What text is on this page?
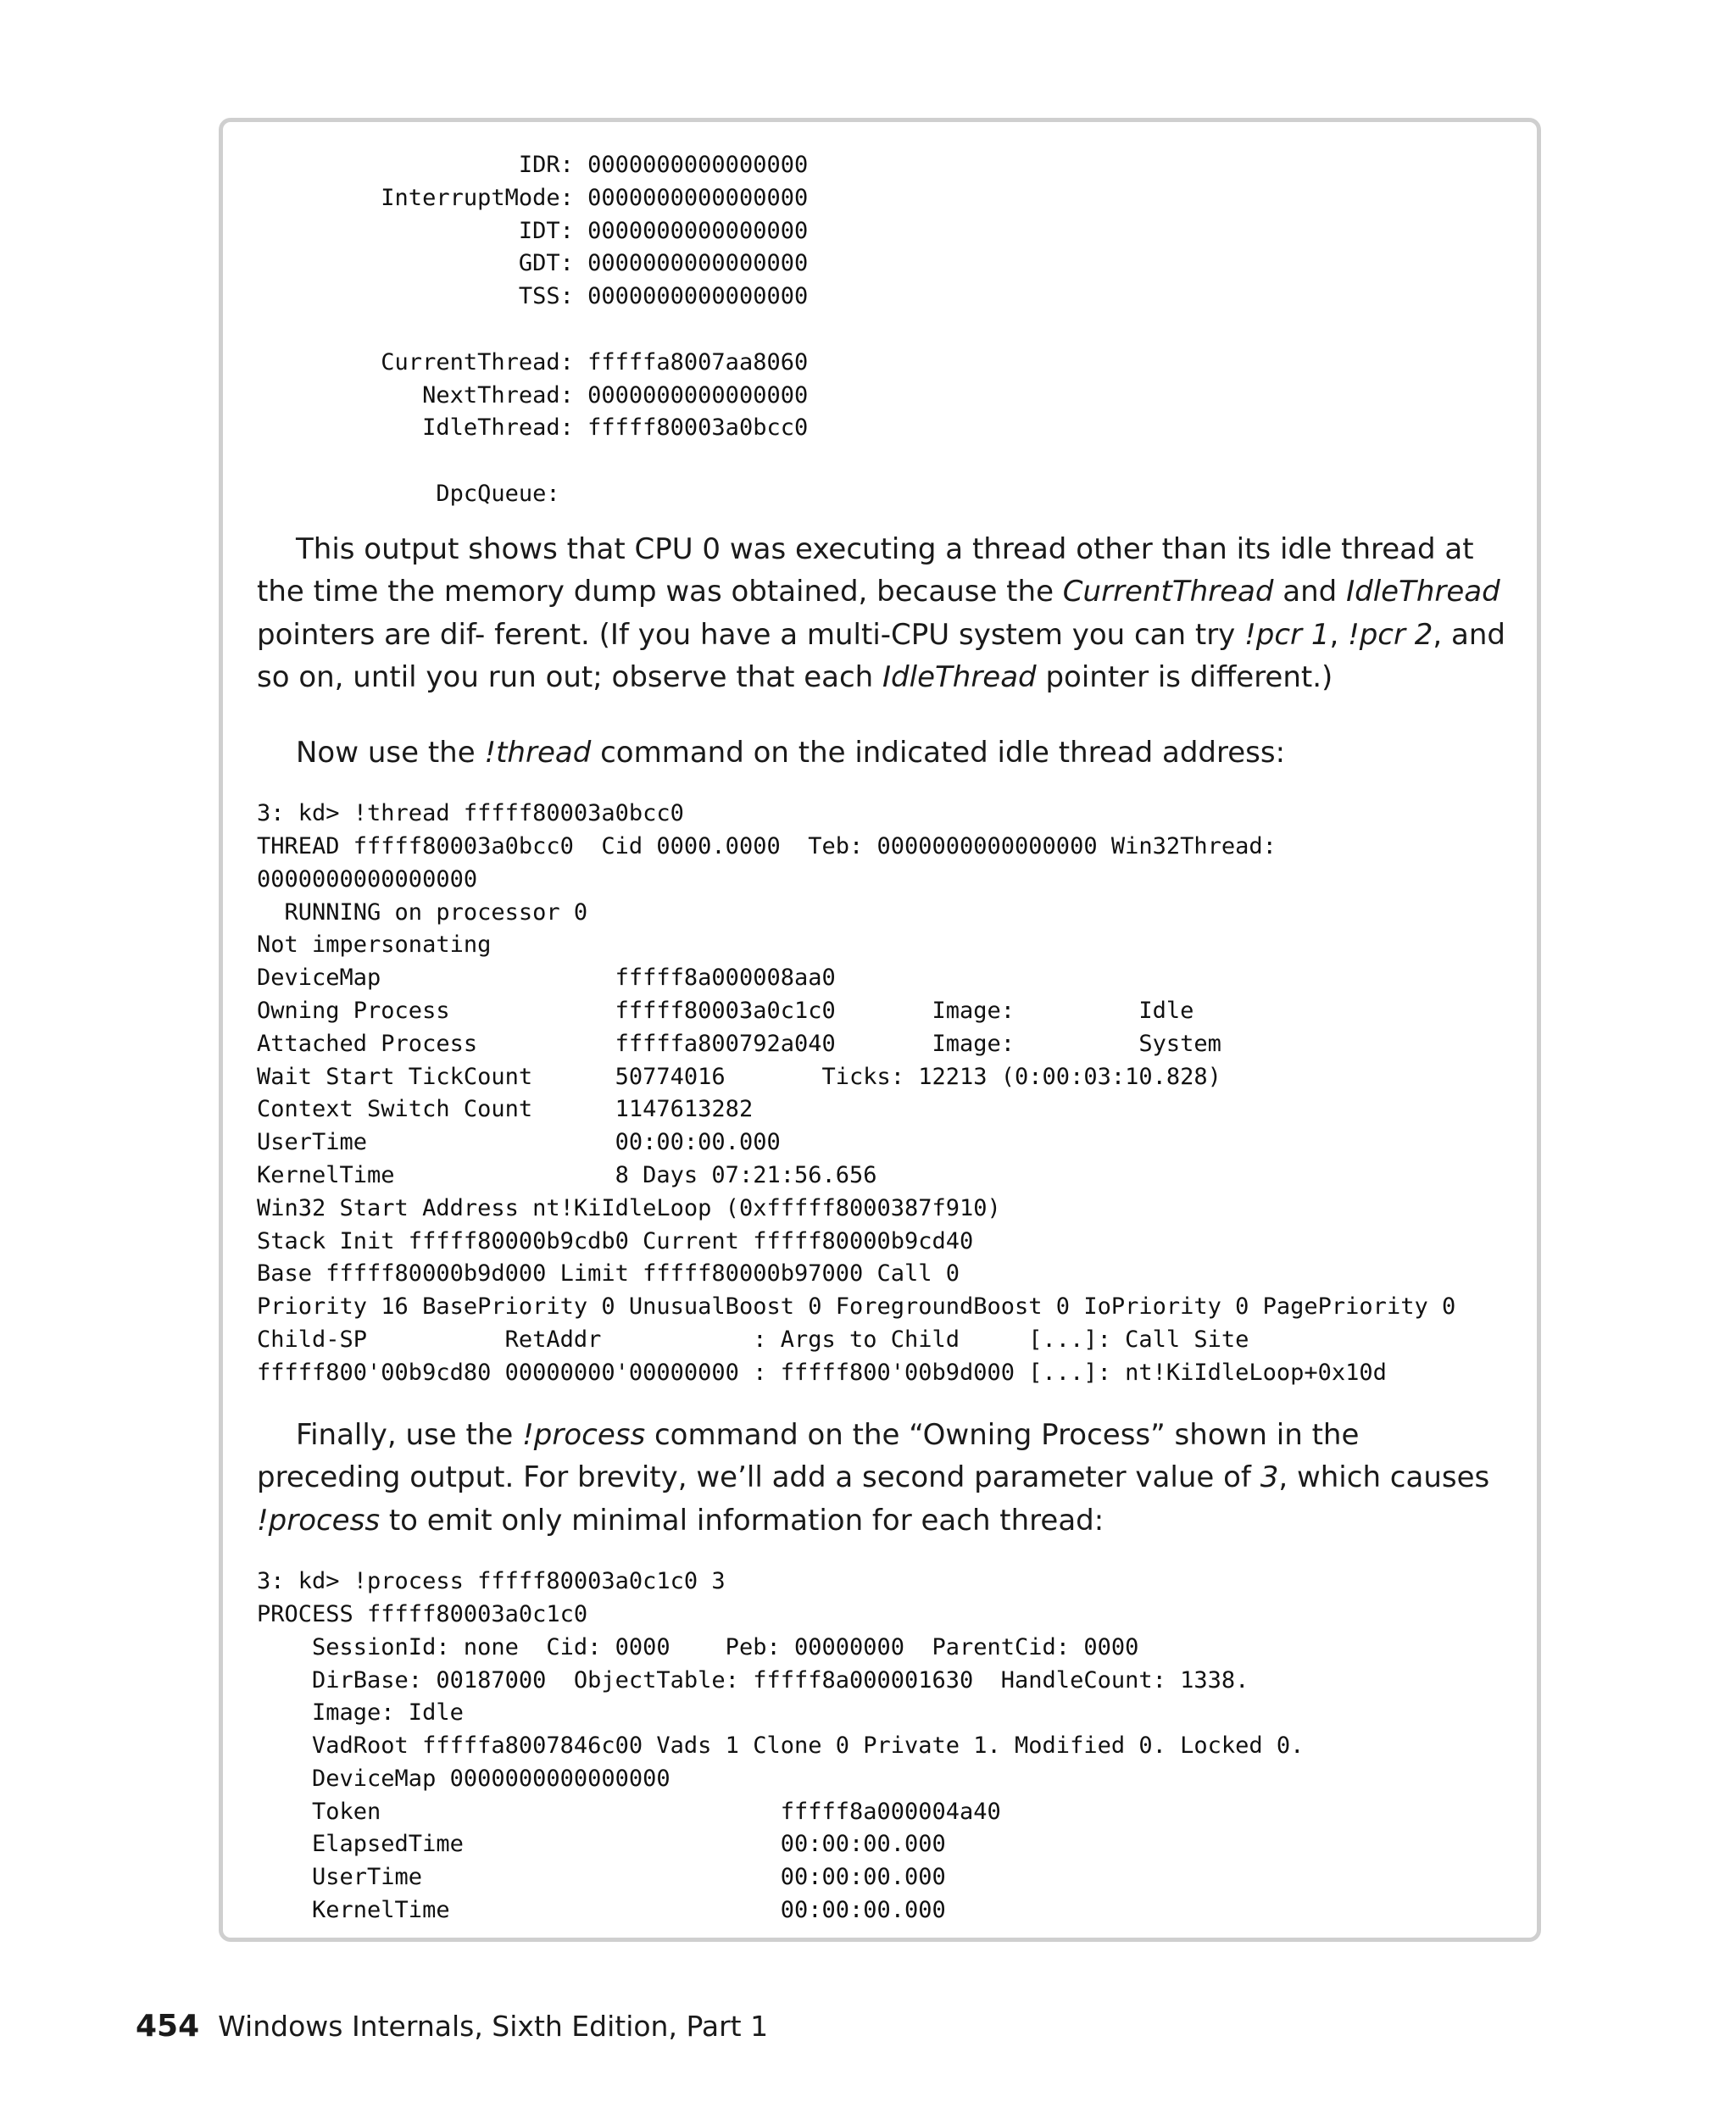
IDR: 0000000000000000
InterruptMode: 0000000000000000
IDT: 0000000000000000
GDT: 0000000000000000
TSS: 0000000000000000

CurrentThread: fffffa8007aa8060
NextThread: 0000000000000000
IdleThread: fffff80003a0bcc0

DpcQueue:

This output shows that CPU 0 was executing a thread other than its idle thread at the time the memory dump was obtained, because the CurrentThread and IdleThread pointers are dif- ferent. (If you have a multi-CPU system you can try !pcr 1, !pcr 2, and so on, until you run out; observe that each IdleThread pointer is different.)

Now use the !thread command on the indicated idle thread address:

3: kd> !thread fffff80003a0bcc0
THREAD fffff80003a0bcc0  Cid 0000.0000  Teb: 0000000000000000 Win32Thread:
0000000000000000
RUNNING on processor 0
Not impersonating
DeviceMap                 fffff8a000008aa0
Owning Process            fffff80003a0c1c0       Image:         Idle
Attached Process          fffffa800792a040       Image:         System
Wait Start TickCount      50774016       Ticks: 12213 (0:00:03:10.828)
Context Switch Count      1147613282
UserTime                  00:00:00.000
KernelTime                8 Days 07:21:56.656
Win32 Start Address nt!KiIdleLoop (0xfffff8000387f910)
Stack Init fffff80000b9cdb0 Current fffff80000b9cd40
Base fffff80000b9d000 Limit fffff80000b97000 Call 0
Priority 16 BasePriority 0 UnusualBoost 0 ForegroundBoost 0 IoPriority 0 PagePriority 0
Child-SP          RetAddr           : Args to Child     [...]: Call Site
fffff800'00b9cd80 00000000'00000000 : fffff800'00b9d000 [...]: nt!KiIdleLoop+0x10d

Finally, use the !process command on the “Owning Process” shown in the preceding output. For brevity, we’ll add a second parameter value of 3, which causes !process to emit only minimal information for each thread:

3: kd> !process fffff80003a0c1c0 3
PROCESS fffff80003a0c1c0
SessionId: none  Cid: 0000    Peb: 00000000  ParentCid: 0000
DirBase: 00187000  ObjectTable: fffff8a000001630  HandleCount: 1338.
Image: Idle
VadRoot fffffa8007846c00 Vads 1 Clone 0 Private 1. Modified 0. Locked 0.
DeviceMap 0000000000000000
Token                             fffff8a000004a40
ElapsedTime                       00:00:00.000
UserTime                          00:00:00.000
KernelTime                        00:00:00.000
454 Windows Internals, Sixth Edition, Part 1
